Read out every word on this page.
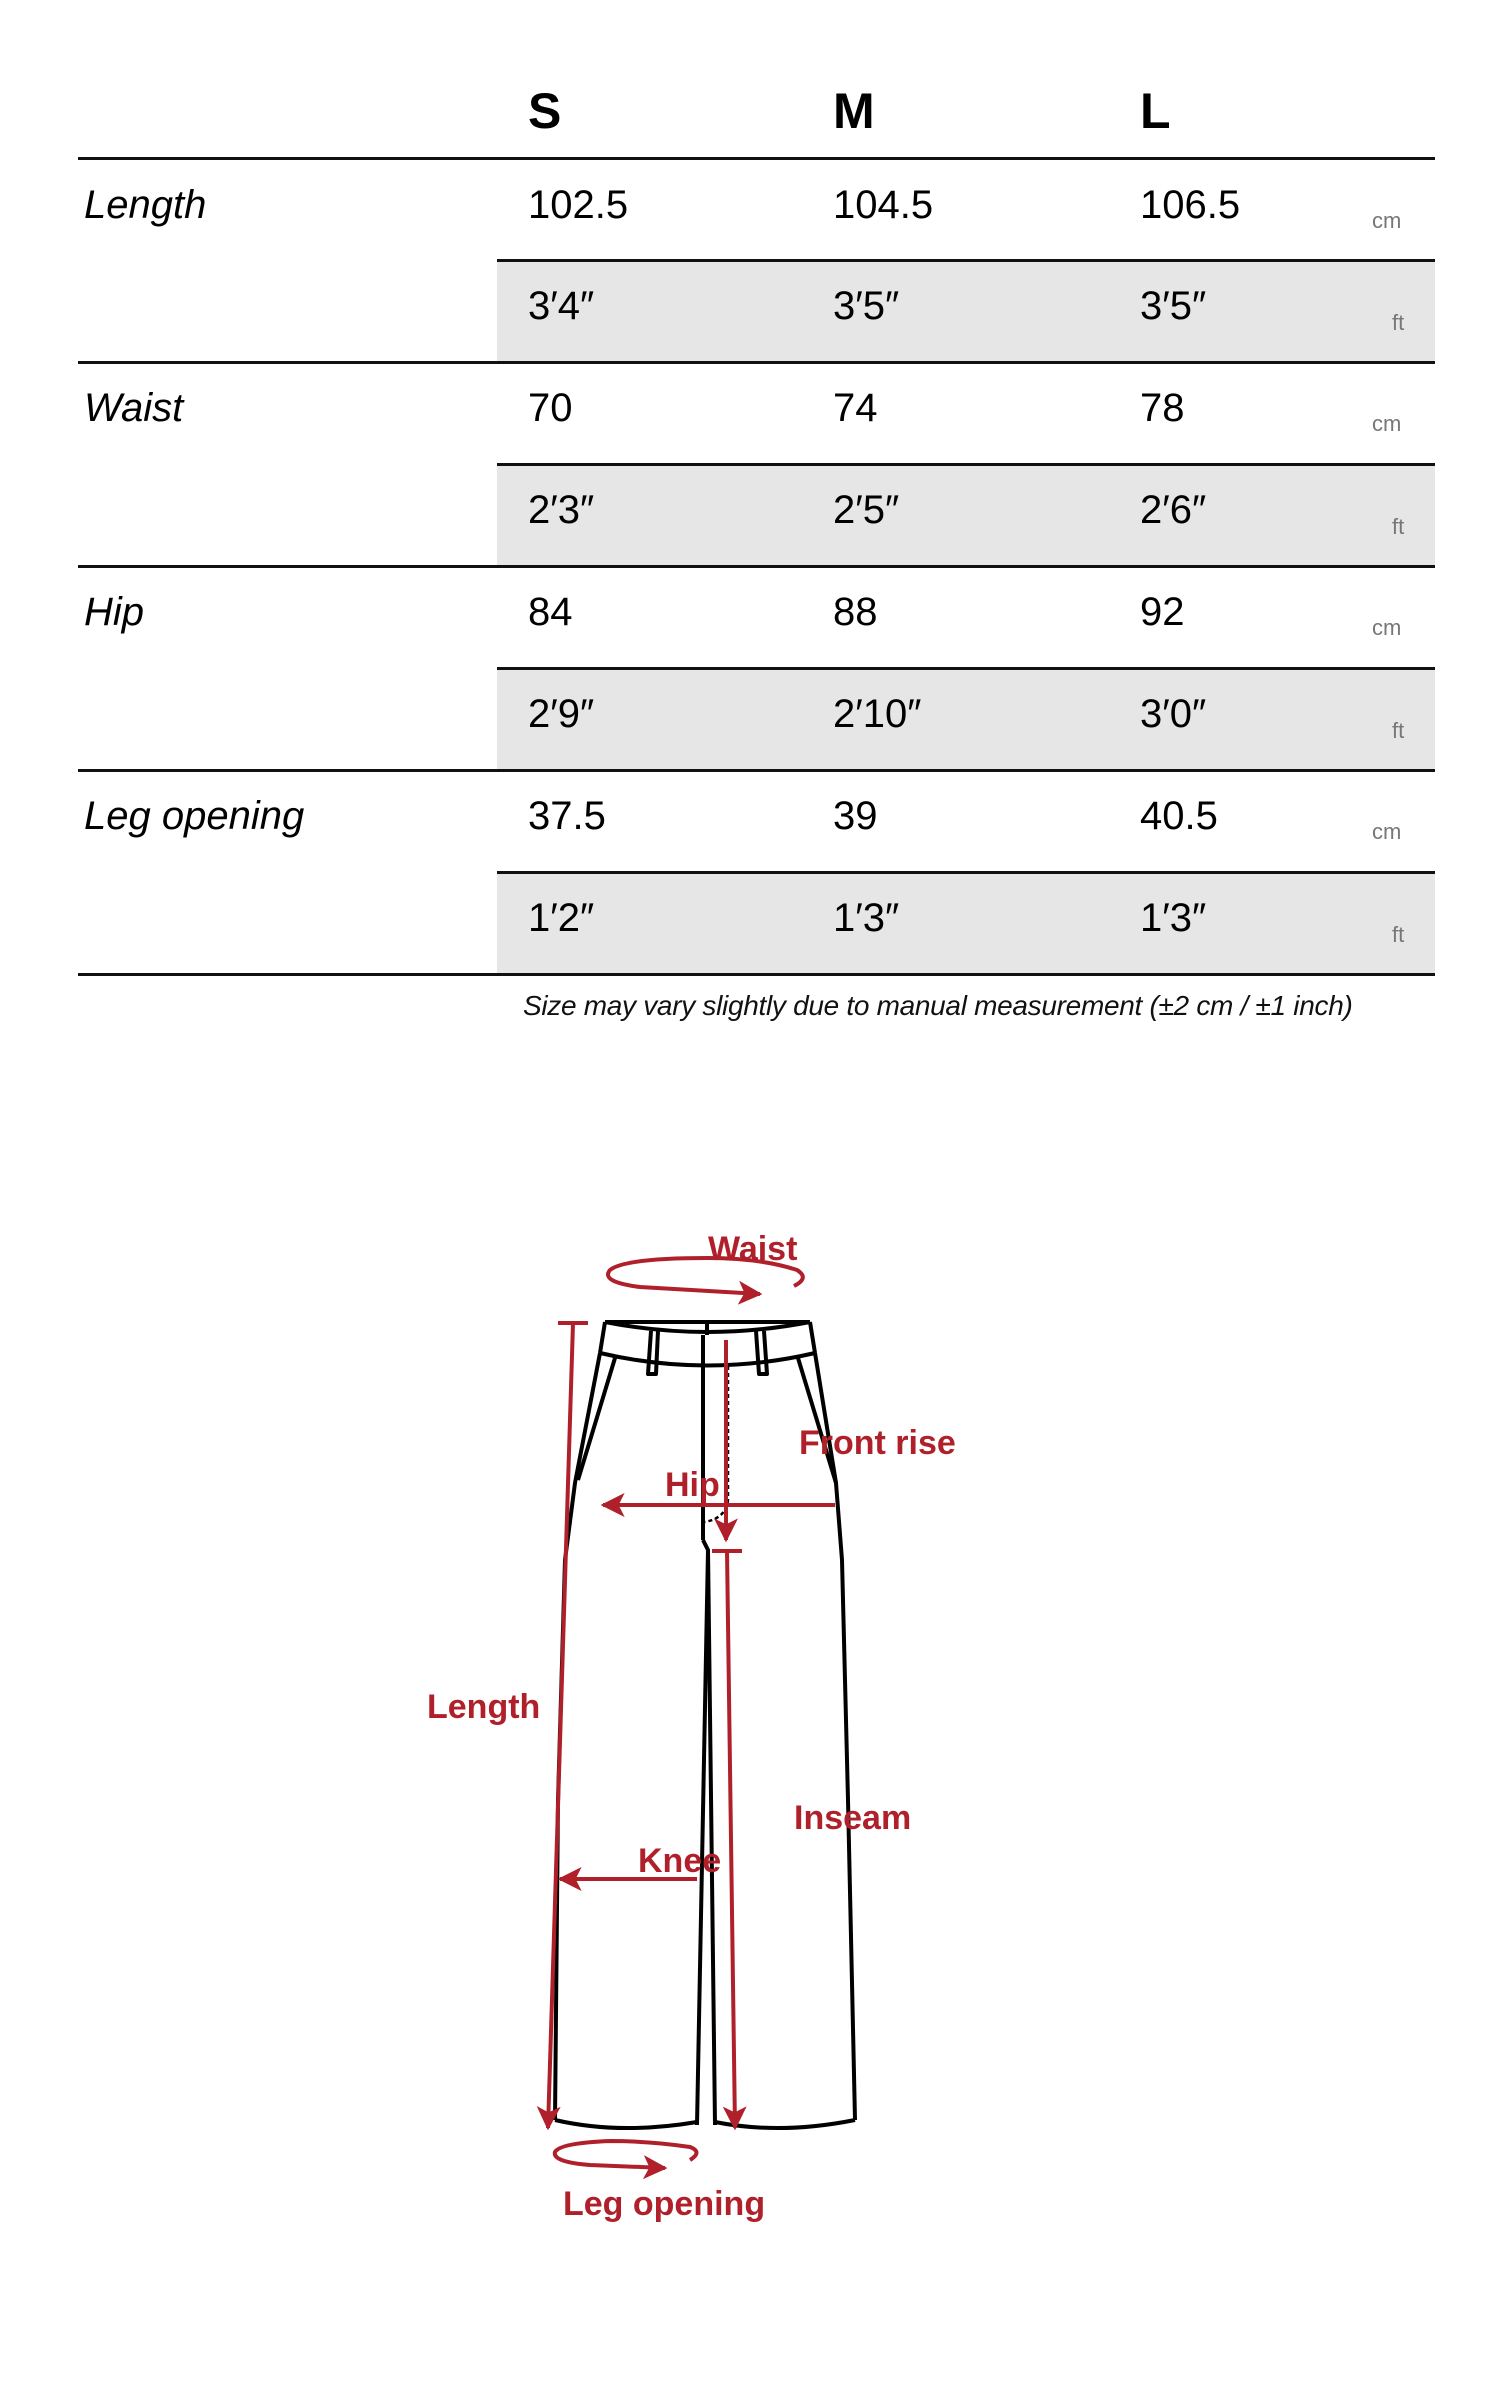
S	M	L
Length	102.5	104.5	106.5	cm
3′4″	3′5″	3′5″	ft
Waist	70	74	78	cm
2′3″	2′5″	2′6″	ft
Hip	84	88	92	cm
2′9″	2′10″	3′0″	ft
Leg opening	37.5	39	40.5	cm
1′2″	1′3″	1′3″	ft
Size may vary slightly due to manual measurement (±2 cm / ±1 inch)
Waist
Front rise
Hip
Length
Inseam
Knee
Leg opening
